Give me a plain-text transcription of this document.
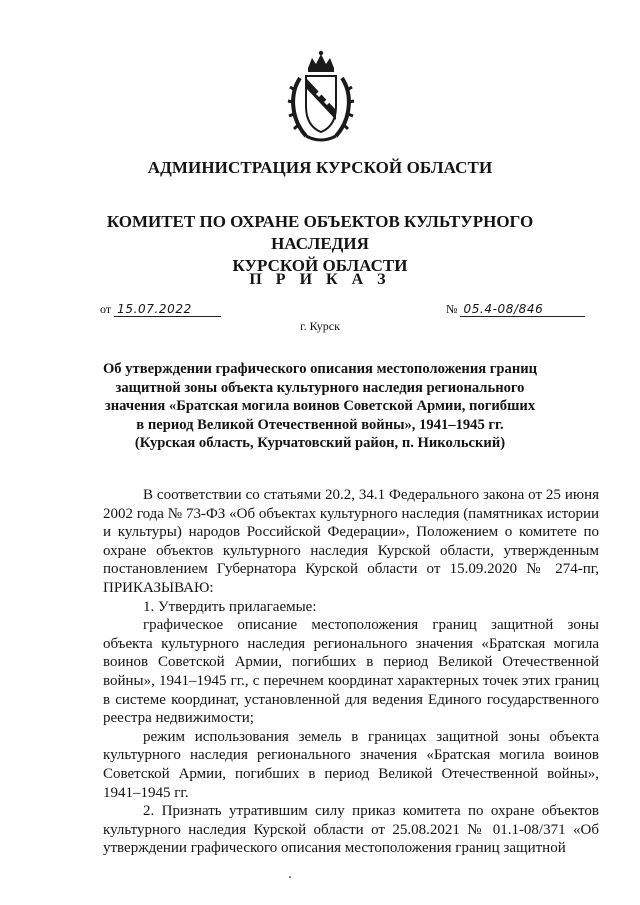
АДМИНИСТРАЦИЯ КУРСКОЙ ОБЛАСТИ
КОМИТЕТ ПО ОХРАНЕ ОБЪЕКТОВ КУЛЬТУРНОГО НАСЛЕДИЯ
КУРСКОЙ ОБЛАСТИ
П Р И К А З
от 15.07.2022	№ 05.4-08/846
г. Курск
Об утверждении графического описания местоположения границ
защитной зоны объекта культурного наследия регионального
значения «Братская могила воинов Советской Армии, погибших
в период Великой Отечественной войны», 1941–1945 гг.
(Курская область, Курчатовский район, п. Никольский)

В соответствии со статьями 20.2, 34.1 Федерального закона от 25 июня 2002 года № 73-ФЗ «Об объектах культурного наследия (памятниках истории и культуры) народов Российской Федерации», Положением о комитете по охране объектов культурного наследия Курской области, утвержденным постановлением Губернатора Курской области от 15.09.2020 № 274-пг, ПРИКАЗЫВАЮ:

1. Утвердить прилагаемые:

графическое описание местоположения границ защитной зоны объекта культурного наследия регионального значения «Братская могила воинов Советской Армии, погибших в период Великой Отечественной войны», 1941–1945 гг., с перечнем координат характерных точек этих границ в системе координат, установленной для ведения Единого государственного реестра недвижимости;

режим использования земель в границах защитной зоны объекта культурного наследия регионального значения «Братская могила воинов Советской Армии, погибших в период Великой Отечественной войны», 1941–1945 гг.

2. Признать утратившим силу приказ комитета по охране объектов культурного наследия Курской области от 25.08.2021 № 01.1-08/371 «Об утверждении графического описания местоположения границ защитной
